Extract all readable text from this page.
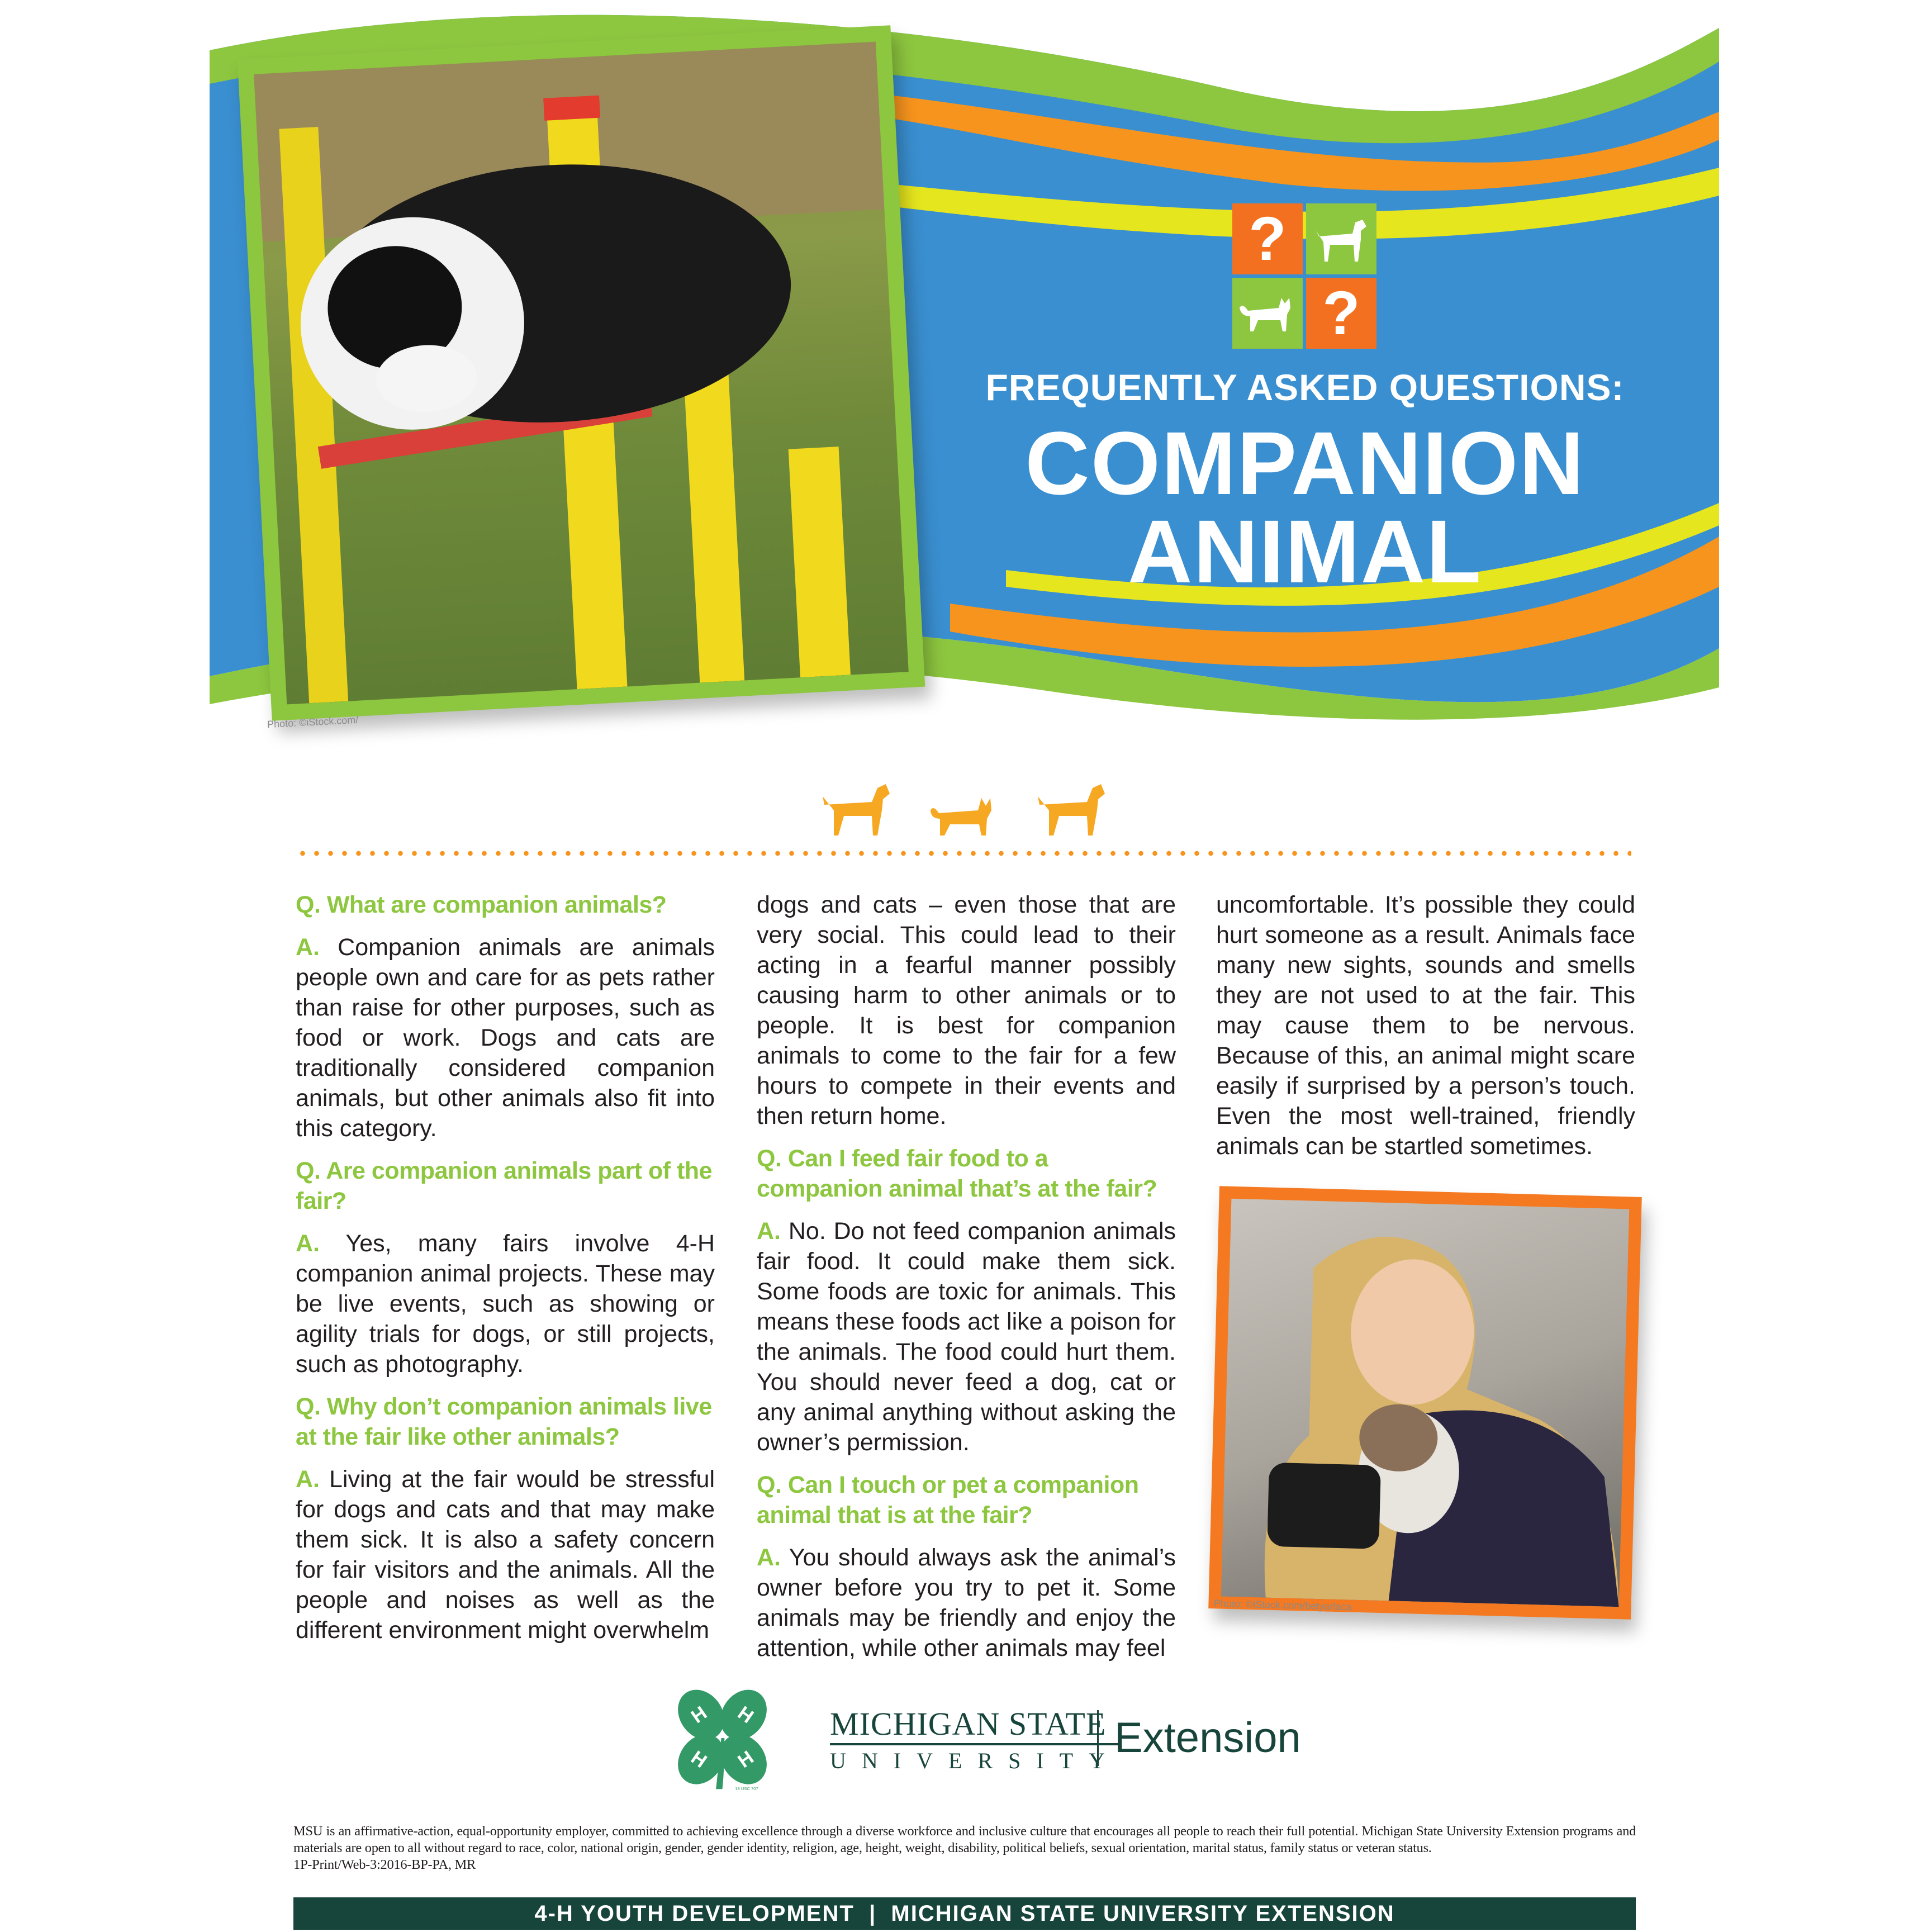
Photo: ©iStock.com/
?
?
FREQUENTLY ASKED QUESTIONS:
COMPANION
ANIMAL

Q. What are companion animals?

A. Companion animals are animals people own and care for as pets rather than raise for other purposes, such as food or work. Dogs and cats are traditionally considered companion animals, but other animals also fit into this category.

Q. Are companion animals part of the fair?

A. Yes, many fairs involve 4-H companion animal projects. These may be live events, such as showing or agility trials for dogs, or still projects, such as photography.

Q. Why don’t companion animals live at the fair like other animals?

A. Living at the fair would be stressful for dogs and cats and that may make them sick. It is also a safety concern for fair visitors and the animals. All the people and noises as well as the different environment might overwhelm

dogs and cats – even those that are very social. This could lead to their acting in a fearful manner possibly causing harm to other animals or to people. It is best for companion animals to come to the fair for a few hours to compete in their events and then return home.

Q. Can I feed fair food to a companion animal that’s at the fair?

A. No. Do not feed companion animals fair food. It could make them sick. Some foods are toxic for animals. This means these foods act like a poison for the animals. The food could hurt them. You should never feed a dog, cat or any animal anything without asking the owner’s permission.

Q. Can I touch or pet a companion animal that is at the fair?

A. You should always ask the animal’s owner before you try to pet it. Some animals may be friendly and enjoy the attention, while other animals may feel

uncomfortable. It’s possible they could hurt someone as a result. Animals face many new sights, sounds and smells they are not used to at the fair. This may cause them to be nervous. Because of this, an animal might scare easily if surprised by a person’s touch. Even the most well-trained, friendly animals can be startled sometimes.

Photo: ©iStock.com/betyarlaca
H H
H H
18 USC 707
MICHIGAN STATE
UNIVERSITY
Extension
MSU is an affirmative-action, equal-opportunity employer, committed to achieving excellence through a diverse workforce and inclusive culture that encourages all people to reach their full potential. Michigan State University Extension programs and materials are open to all without regard to race, color, national origin, gender, gender identity, religion, age, height, weight, disability, political beliefs, sexual orientation, marital status, family status or veteran status.
1P-Print/Web-3:2016-BP-PA, MR
4-H YOUTH DEVELOPMENT  |  MICHIGAN STATE UNIVERSITY EXTENSION
